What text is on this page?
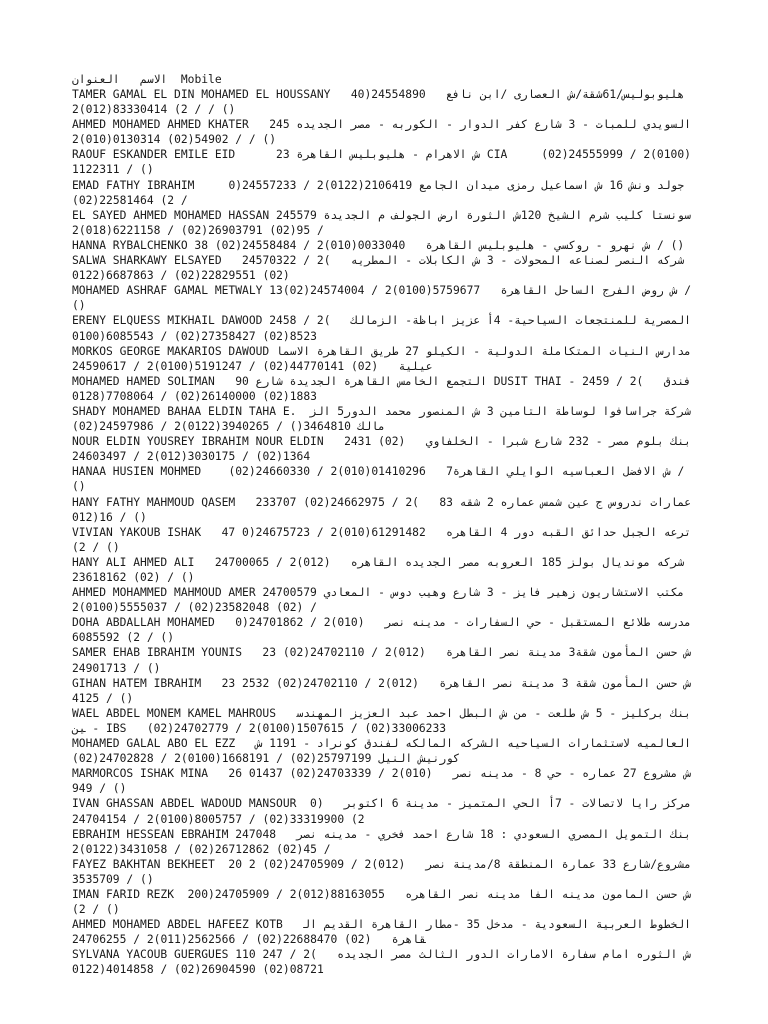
الاسم   العنوان	Mobile
TAMER GAMAL EL DIN MOHAMED EL HOUSSANY   4هليوبوليس/61شقة/ش العصارى /ابن نافع   24554890(02) 83330414(012)2 / / ()
AHMED MOHAMED AHMED KHATER   السويدي للمبات - 3 شارع كفر الدوار - الكوربه - مصر الجديده 24554902(02) 0130314(010)2 / / ()
RAOUF ESKANDER EMILE EID      23 ش الاهرام - هليوبليس القاهرة CIA     (02)24555999 / 2(0100)1122311 / ()
EMAD FATHY IBRAHIM     جولد ونش 16 ش اسماعيل رمزى ميدان الجامع 2106419(0122)2 / 24557233(02) 22581464(02) /
EL SAYED AHMED MOHAMED HASSAN سونستا كليب شرم الشيخ 120ش الثورة ارض الجولف م الجديدة 24557995(02) 26903791(02) / 6221158(018)2 /
HANNA RYBALCHENKO 38 ش نهرو - روكسي - هليوبليس القاهرة   0033040(010)2 / 24558484(02) / ()
SALWA SHARKAWY ELSAYED   شركه النصر لصناعه المحولات - 3 ش الكابلات - المطريه   )2 / 24570322(02) 22829551(02) / 6687863(0122
MOHAMED ASHRAF GAMAL METWALY 13ش روض الفرج الساحل القاهرة   5759677(0100)2 / 24574004(02) / ()
ERENY ELQUESS MIKHAIL DAWOOD المصرية للمنتجعات السياحية- 4أ عزيز اباظة- الزمالك   )2 / 24588523(02) 27358427(02) / 6085543(0100
MORKOS GEORGE MAKARIOS DAWOUD مدارس النيات المتكاملة الدولية - الكيلو 27 طريق القاهرة الاسماعيلية   (02) 44770141(02) / 5191247(0100)2 / 24590617
MOHAMED HAMED SOLIMAN   التجمع الخامس القاهرة الجديدة شارع 90 DUSIT THAI - فندق   )2 / 24591883(02) 26140000(02) / 7708064(0128
SHADY MOHAMED BAHAA ELDIN TAHA E.  شركة جراسافوا لوساطة التامين 3 ش المنصور محمد الدور5 الزمالك 3464810() / 3940265(0122)2 / 24597986(02)
NOUR ELDIN YOUSREY IBRAHIM NOUR ELDIN   بنك بلوم مصر - 232 شارع شبرا - الخلفاوي   (02) 24311364(02) / 3030175(012)2 / 24603497
HANAA HUSIEN MOHMED    ش الافضل العباسيه الوايلي القاهرة7   01410296(010)2 / 24660330(02) / ()
HANY FATHY MAHMOUD QASEM   عمارات ندروس ج عين شمس عماره 2 شقه 83   )2 / 24662975(02) 23370716(012 / ()
VIVIAN YAKOUB ISHAK   47 ترعه الجبل حدائق القبه دور 4 القاهره   61291482(010)2 / 24675723(02) / ()
HANY ALI AHMED ALI   شركه مونديال بولز 185 العروبه مصر الجديده القاهره   (012)2 / 24700065(02) 23618162 / ()
AHMED MOHAMMED MAHMOUD AMER مكتب الاستشاريون زهير فايز - 3 شارع وهيب دوس - المعادي 24700579(02) 23582048(02) / 5555037(0100)2 /
DOHA ABDALLAH MOHAMED   مدرسه طلائع المستقبل - حي السفارات - مدينه نصر   (010)2 / 24701862(02) 6085592 / ()
SAMER EHAB IBRAHIM YOUNIS   23 ش حسن المأمون شقة3 مدينة نصر القاهرة   (012)2 / 24702110(02) 24901713 / ()
GIHAN HATEM IBRAHIM   23 ش حسن المأمون شقة 3 مدينة نصر القاهرة   (012)2 / 24702110(02) 25324125 / ()
WAEL ABDEL MONEM KAMEL MAHROUS   بنك بركليز - 5 ش طلعت - من ش البطل احمد عبد العزيز المهندسين - IBS   (02)24702779 / 2(0100)1507615 / (02)33006233
MOHAMED GALAL ABO EL EZZ   العالميه لاستثمارات السياحيه الشركه المالكه لفندق كونراد - 1191 ش كورنيش النيل 25797199(02) / 1668191(0100)2 / 24702828(02)
MARMORCOS ISHAK MINA   26 ش مشروع 27 عماره - حي 8 - مدينه نصر   (010)2 / 24703339(02) 01437949 / ()
IVAN GHASSAN ABDEL WADOUD MANSOUR  مركز رايا لاتصالات - 7أ الحي المتميز - مدينة 6 اكتوبر   (02) 33319900(02) / 8005757(0100)2 / 24704154
EBRAHIM HESSEAN EBRAHIM بنك التمويل المصري السعودي : 18 شارع احمد فخري - مدينه نصر   24704845(02) 26712862(02) / 3431058(0122)2 /
FAYEZ BAKHTAN BEKHEET  20 مشروع/شارع 33 عمارة المنطقة 8/مدينة نصر   (012)2 / 24705909(02) 23535709 / ()
IMAN FARID REZK  20ش حسن المامون مدينه الفا مدينه نصر القاهره   88163055(012)2 / 24705909(02) / ()
AHMED MOHAMED ABDEL HAFEEZ KOTB   الخطوط العربية السعودية - مدخل 35 -مطار القاهرة القديم القاهرة   (02) 22688470(02) / 2562566(011)2 / 24706255
SYLVANA YACOUB GUERGUES 110 ش الثوره امام سفارة الامارات الدور الثالث مصر الجديده   )2 / 24708721(02) 26904590(02) / 4014858(0122
